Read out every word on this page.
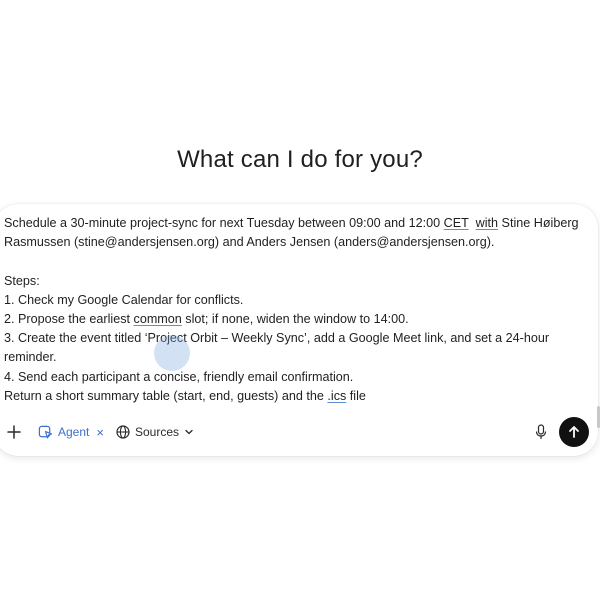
What can I do for you?
Schedule a 30-minute project-sync for next Tuesday between 09:00 and 12:00 CET with Stine Høiberg
Rasmussen (stine@andersjensen.org) and Anders Jensen (anders@andersjensen.org).
Steps:
1. Check my Google Calendar for conflicts.
2. Propose the earliest common slot; if none, widen the window to 14:00.
3. Create the event titled ‘Project Orbit – Weekly Sync’, add a Google Meet link, and set a 24-hour
reminder.
4. Send each participant a concise, friendly email confirmation.
Return a short summary table (start, end, guests) and the .ics file
Agent ×	Sources
